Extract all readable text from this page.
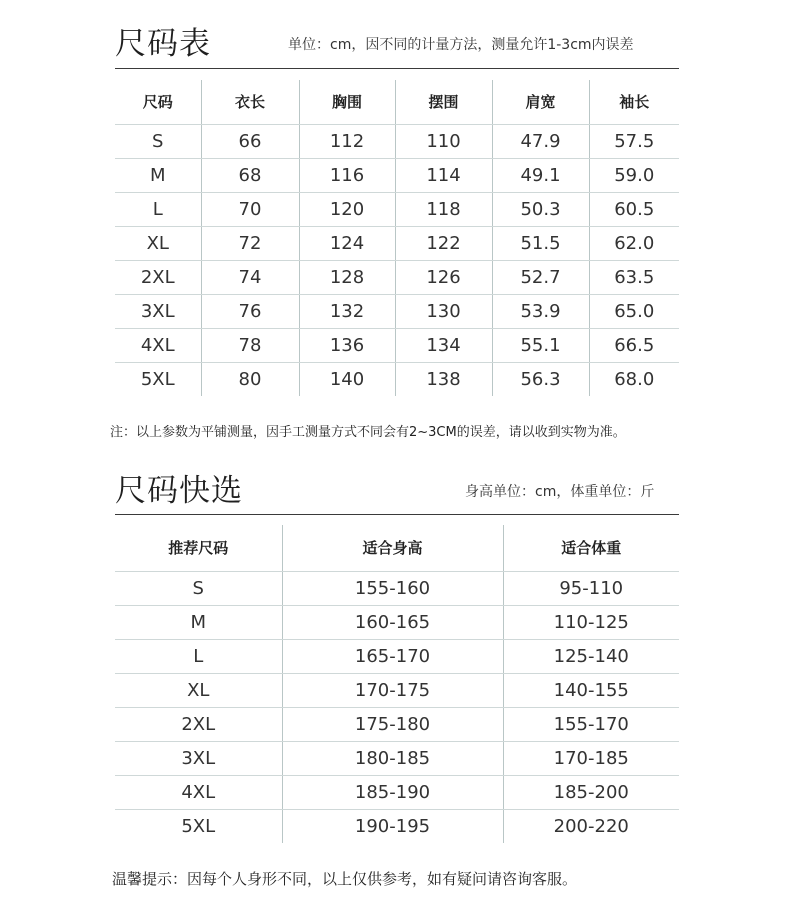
尺码表	单位：cm，因不同的计量方法，测量允许1-3cm内误差
尺码	衣长	胸围	摆围	肩宽	袖长
S	66	112	110	47.9	57.5
M	68	116	114	49.1	59.0
L	70	120	118	50.3	60.5
XL	72	124	122	51.5	62.0
2XL	74	128	126	52.7	63.5
3XL	76	132	130	53.9	65.0
4XL	78	136	134	55.1	66.5
5XL	80	140	138	56.3	68.0
注：以上参数为平铺测量，因手工测量方式不同会有2~3CM的误差，请以收到实物为准。
尺码快选	身高单位：cm，体重单位：斤
推荐尺码	适合身高	适合体重
S	155-160	95-110
M	160-165	110-125
L	165-170	125-140
XL	170-175	140-155
2XL	175-180	155-170
3XL	180-185	170-185
4XL	185-190	185-200
5XL	190-195	200-220
温馨提示：因每个人身形不同，以上仅供参考，如有疑问请咨询客服。
